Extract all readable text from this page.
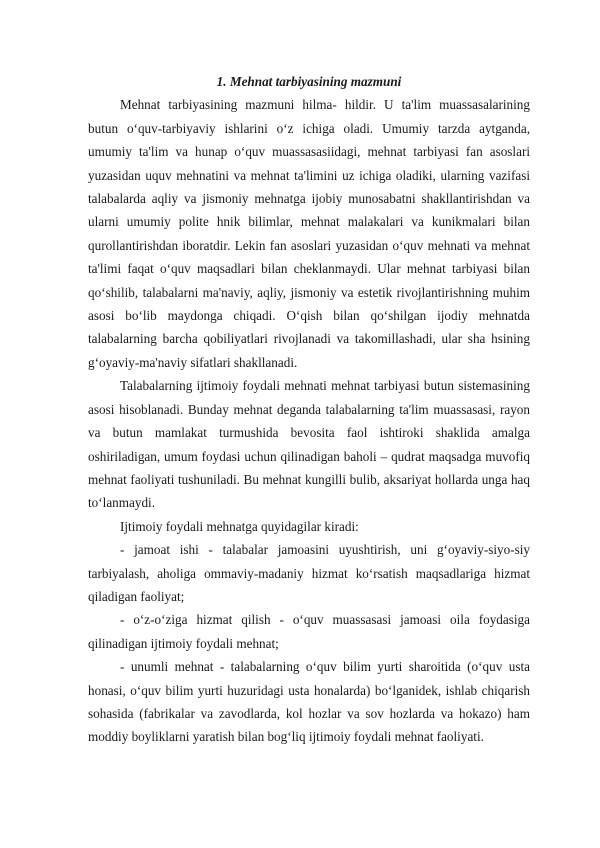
1. Mehnat tarbiyasining mazmuni

Mehnat tarbiyasining mazmuni hilma- hildir. U ta'lim muassasalarining butun o‘quv-tarbiyaviy ishlarini o‘z ichiga oladi. Umumiy tarzda aytganda, umumiy ta'lim va hunap o‘quv muassasasiidagi, mehnat tarbiyasi fan asoslari yuzasidan uquv mehnatini va mehnat ta'limini uz ichiga oladiki, ularning vazifasi talabalarda aqliy va jismoniy mehnatga ijobiy munosabatni shakllantirishdan va ularni umumiy polite hnik bilimlar, mehnat malakalari va kunikmalari bilan qurollantirishdan iboratdir. Lekin fan asoslari yuzasidan o‘quv mehnati va mehnat ta'limi faqat o‘quv maqsadlari bilan cheklanmaydi. Ular mehnat tarbiyasi bilan qo‘shilib, talabalarni ma'naviy, aqliy, jismoniy va estetik rivojlantirishning muhim asosi bo‘lib maydonga chiqadi. O‘qish bilan qo‘shilgan ijodiy mehnatda talabalarning barcha qobiliyatlari rivojlanadi va takomillashadi, ular sha hsining g‘oyaviy-ma'naviy sifatlari shakllanadi.

Talabalarning ijtimoiy foydali mehnati mehnat tarbiyasi butun sistemasining asosi hisoblanadi. Bunday mehnat deganda talabalarning ta'lim muassasasi, rayon va butun mamlakat turmushida bevosita faol ishtiroki shaklida amalga oshiriladigan, umum foydasi uchun qilinadigan baholi – qudrat maqsadga muvofiq mehnat faoliyati tushuniladi. Bu mehnat kungilli bulib, aksariyat hollarda unga haq to‘lanmaydi.

Ijtimoiy foydali mehnatga quyidagilar kiradi:

- jamoat ishi - talabalar jamoasini uyushtirish, uni g‘oyaviy-siyo-siy tarbiyalash, aholiga ommaviy-madaniy hizmat ko‘rsatish maqsadlariga hizmat qiladigan faoliyat;

- o‘z-o‘ziga hizmat qilish - o‘quv muassasasi jamoasi oila foydasiga qilinadigan ijtimoiy foydali mehnat;

- unumli mehnat - talabalarning o‘quv bilim yurti sharoitida (o‘quv usta honasi, o‘quv bilim yurti huzuridagi usta honalarda) bo‘lganidek, ishlab chiqarish sohasida (fabrikalar va zavodlarda, kol hozlar va sov hozlarda va hokazo) ham moddiy boyliklarni yaratish bilan bog‘liq ijtimoiy foydali mehnat faoliyati.
